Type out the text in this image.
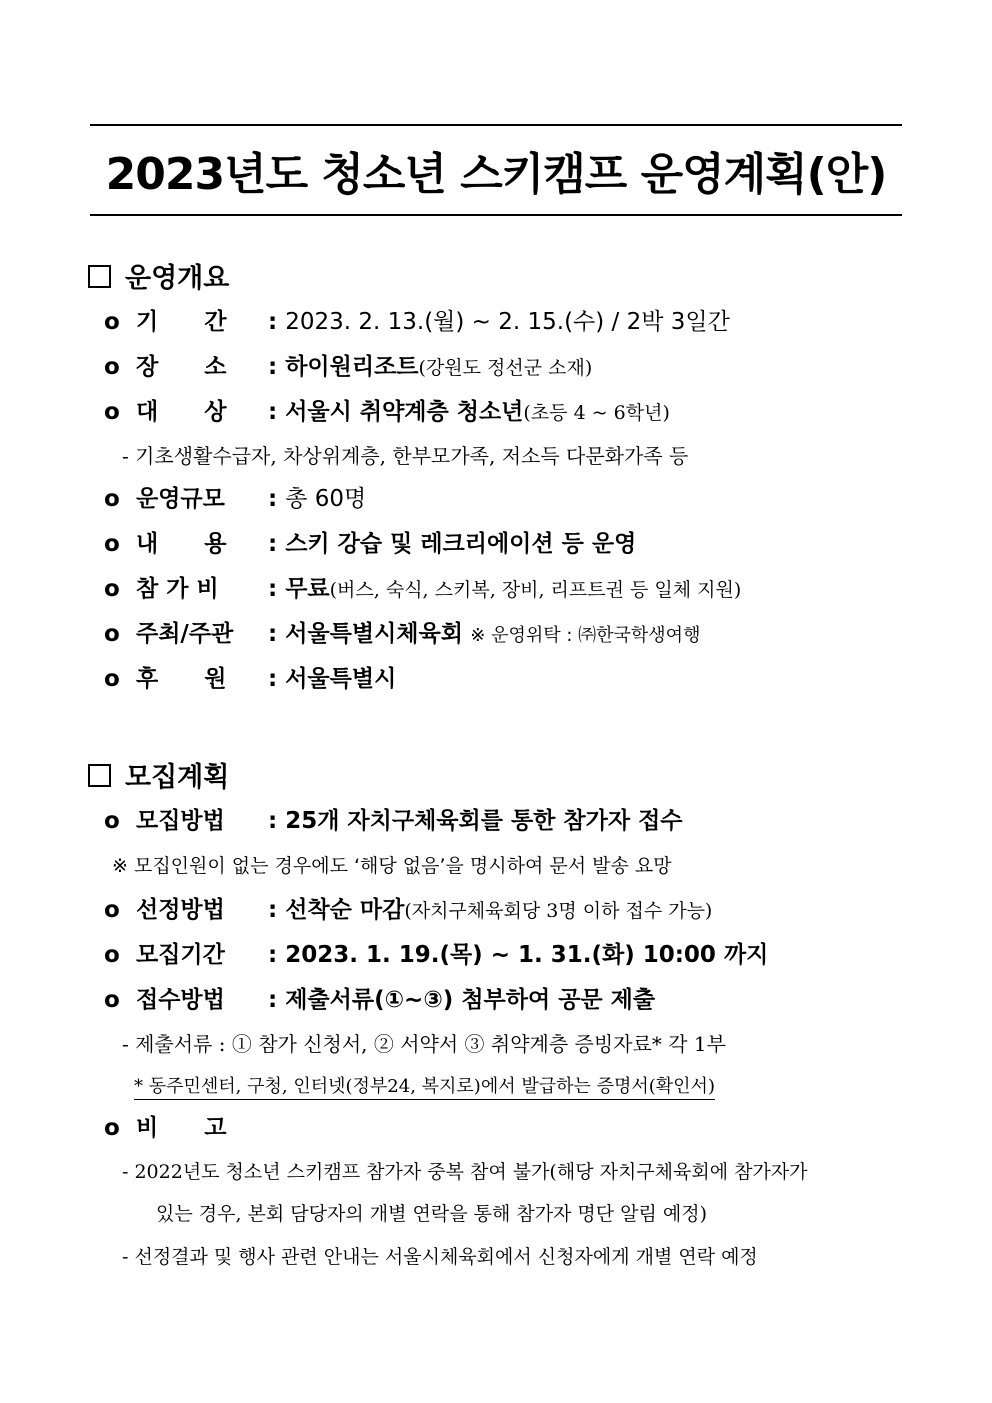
2023년도 청소년 스키캠프 운영계획(안)
운영개요
o 기　　간 : 2023. 2. 13.(월) ~ 2. 15.(수) / 2박 3일간
o 장　　소 : 하이원리조트(강원도 정선군 소재)
o 대　　상 : 서울시 취약계층 청소년(초등 4 ~ 6학년)
- 기초생활수급자, 차상위계층, 한부모가족, 저소득 다문화가족 등
o 운영규모 : 총 60명
o 내　　용 : 스키 강습 및 레크리에이션 등 운영
o 참 가 비 : 무료(버스, 숙식, 스키복, 장비, 리프트권 등 일체 지원)
o 주최/주관 : 서울특별시체육회 ※ 운영위탁 : ㈜한국학생여행
o 후　　원 : 서울특별시
모집계획
o 모집방법 : 25개 자치구체육회를 통한 참가자 접수
※ 모집인원이 없는 경우에도 ‘해당 없음’을 명시하여 문서 발송 요망
o 선정방법 : 선착순 마감(자치구체육회당 3명 이하 접수 가능)
o 모집기간 : 2023. 1. 19.(목) ~ 1. 31.(화) 10:00 까지
o 접수방법 : 제출서류(①~③) 첨부하여 공문 제출
- 제출서류 : ① 참가 신청서, ② 서약서 ③ 취약계층 증빙자료* 각 1부
* 동주민센터, 구청, 인터넷(정부24, 복지로)에서 발급하는 증명서(확인서)
o 비　　고
- 2022년도 청소년 스키캠프 참가자 중복 참여 불가(해당 자치구체육회에 참가자가
있는 경우, 본회 담당자의 개별 연락을 통해 참가자 명단 알림 예정)
- 선정결과 및 행사 관련 안내는 서울시체육회에서 신청자에게 개별 연락 예정
